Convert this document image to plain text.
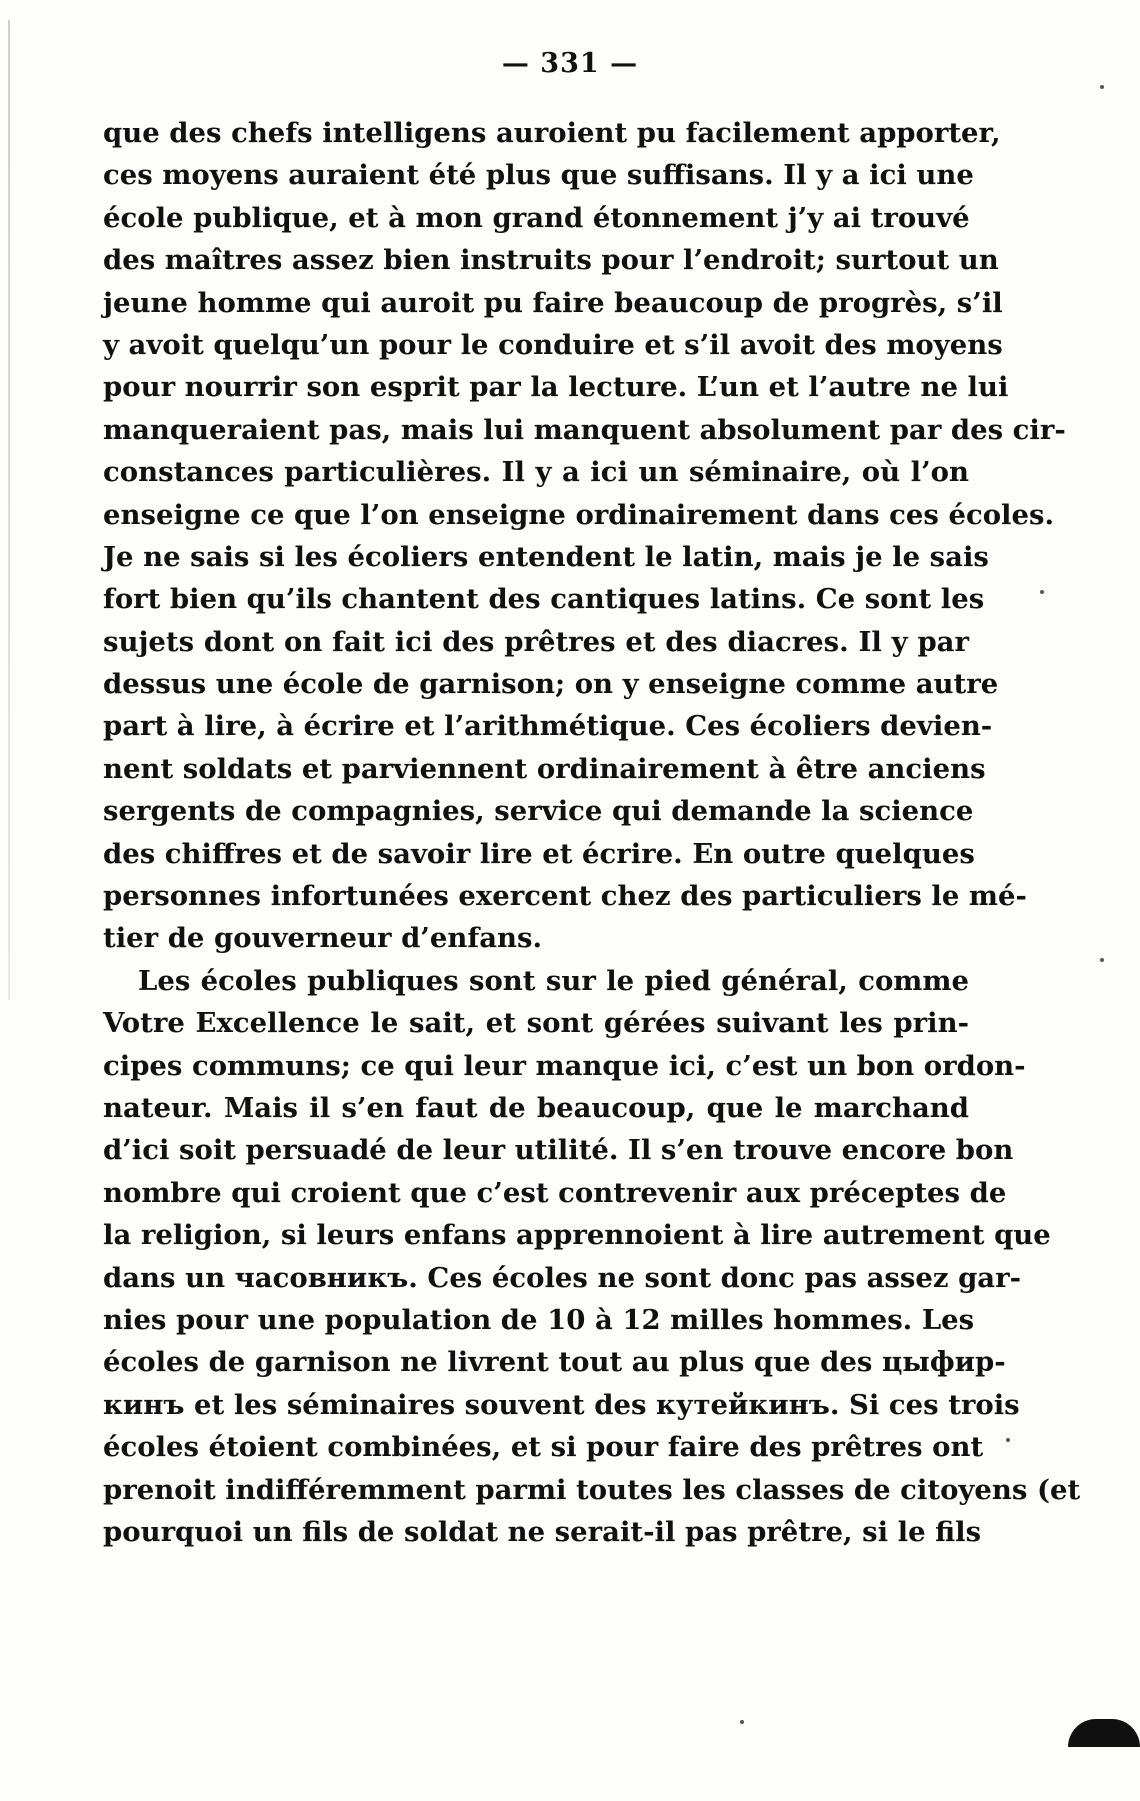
— 331 —
que des chefs intelligens auroient pu facilement apporter,
ces moyens auraient été plus que suffisans. Il y a ici une
école publique, et à mon grand étonnement j’y ai trouvé
des maîtres assez bien instruits pour l’endroit; surtout un
jeune homme qui auroit pu faire beaucoup de progrès, s’il
y avoit quelqu’un pour le conduire et s’il avoit des moyens
pour nourrir son esprit par la lecture. L’un et l’autre ne lui
manqueraient pas, mais lui manquent absolument par des cir-
constances particulières. Il y a ici un séminaire, où l’on
enseigne ce que l’on enseigne ordinairement dans ces écoles.
Je ne sais si les écoliers entendent le latin, mais je le sais
fort bien qu’ils chantent des cantiques latins. Ce sont les
sujets dont on fait ici des prêtres et des diacres. Il y par
dessus une école de garnison; on y enseigne comme autre
part à lire, à écrire et l’arithmétique. Ces écoliers devien-
nent soldats et parviennent ordinairement à être anciens
sergents de compagnies, service qui demande la science
des chiffres et de savoir lire et écrire. En outre quelques
personnes infortunées exercent chez des particuliers le mé-
tier de gouverneur d’enfans.
Les écoles publiques sont sur le pied général, comme
Votre Excellence le sait, et sont gérées suivant les prin-
cipes communs; ce qui leur manque ici, c’est un bon ordon-
nateur. Mais il s’en faut de beaucoup, que le marchand
d’ici soit persuadé de leur utilité. Il s’en trouve encore bon
nombre qui croient que c’est contrevenir aux préceptes de
la religion, si leurs enfans apprennoient à lire autrement que
dans un часовникъ. Ces écoles ne sont donc pas assez gar-
nies pour une population de 10 à 12 milles hommes. Les
écoles de garnison ne livrent tout au plus que des цыфир-
кинъ et les séminaires souvent des кутейкинъ. Si ces trois
écoles étoient combinées, et si pour faire des prêtres ont
prenoit indifféremment parmi toutes les classes de citoyens (et
pourquoi un fils de soldat ne serait-il pas prêtre, si le fils
